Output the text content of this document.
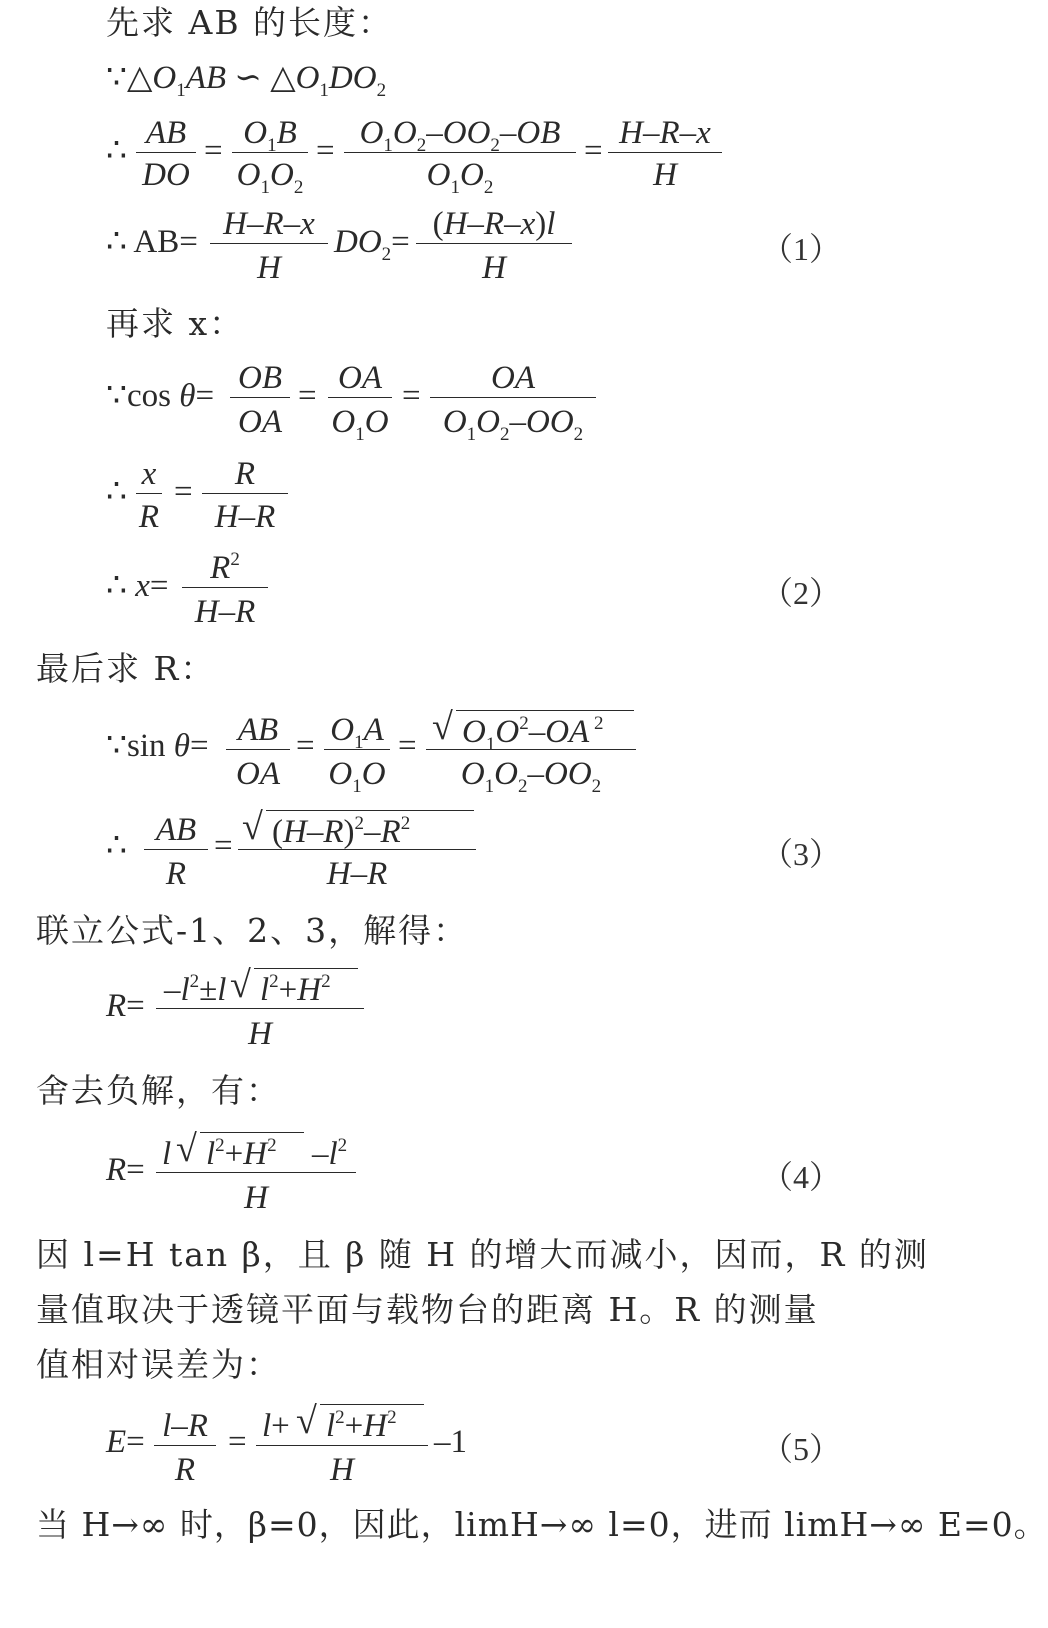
先求 AB 的长度：
$\because\triangle O_1AB$ ∽ $\triangle O_1DO_2$
∴ AB
DO
= $O_1B$
$O_1O_2$
= $O_1O_2-OO_2-OB$
$O_1O_2$
= H–R–x
H
∴ AB= H–R–x
H
$DO_2= (H-R-x)l$
H
（1）
再求 x：
∵cos θ= OB
OA
= OA
$O_1O$
=	OA
$O_1O_2-OO_2$
∴ x
R
=	R
H–R
∴ x=	$R^2$
H–R
（2）
最后求 R：
∵sin θ= AB
OA
= $O_1A$
$O_1O$
= √ $O_1O^2-OA$ $^2$
$O_1O_2-OO_2$
∴ AB
R
= √ $(H-R)^2-R^2$
H–R
（3）
联立公式-1、2、3，解得：
$R= -l^2\pm l$ √ $l^2+H^2$
H
舍去负解，有：
R= l √ $l^2+H^2$ $-l^2$
H
（4）
因 l=H tan β，且 β 随 H 的增大而减小，因而，R 的测
量值取决于透镜平面与载物台的距离 H。R 的测量
值相对误差为：
E= l–R
R
= l+ √ $l^2+H^2$
H
–1	（5）
当 H→∞ 时，β=0，因此，limH→∞ l=0，进而 limH→∞ E=0。
